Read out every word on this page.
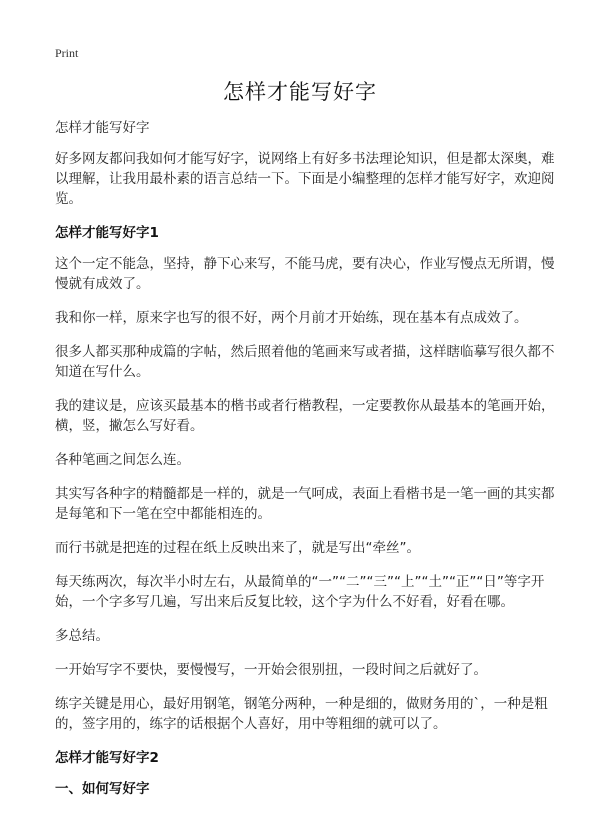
Print
怎样才能写好字

怎样才能写好字

好多网友都问我如何才能写好字，说网络上有好多书法理论知识，但是都太深奥，难以理解，让我用最朴素的语言总结一下。下面是小编整理的怎样才能写好字，欢迎阅览。

怎样才能写好字1

这个一定不能急，坚持，静下心来写，不能马虎，要有决心，作业写慢点无所谓，慢慢就有成效了。

我和你一样，原来字也写的很不好，两个月前才开始练，现在基本有点成效了。

很多人都买那种成篇的字帖，然后照着他的笔画来写或者描，这样瞎临摹写很久都不知道在写什么。

我的建议是，应该买最基本的楷书或者行楷教程，一定要教你从最基本的笔画开始，横，竖，撇怎么写好看。

各种笔画之间怎么连。

其实写各种字的精髓都是一样的，就是一气呵成，表面上看楷书是一笔一画的其实都是每笔和下一笔在空中都能相连的。

而行书就是把连的过程在纸上反映出来了，就是写出“牵丝”。

每天练两次，每次半小时左右，从最简单的“一”“二”“三”“上”“土”“正”“日”等字开始，一个字多写几遍，写出来后反复比较，这个字为什么不好看，好看在哪。

多总结。

一开始写字不要快，要慢慢写，一开始会很别扭，一段时间之后就好了。

练字关键是用心，最好用钢笔，钢笔分两种，一种是细的，做财务用的`，一种是粗的，签字用的，练字的话根据个人喜好，用中等粗细的就可以了。

怎样才能写好字2
一、如何写好字
